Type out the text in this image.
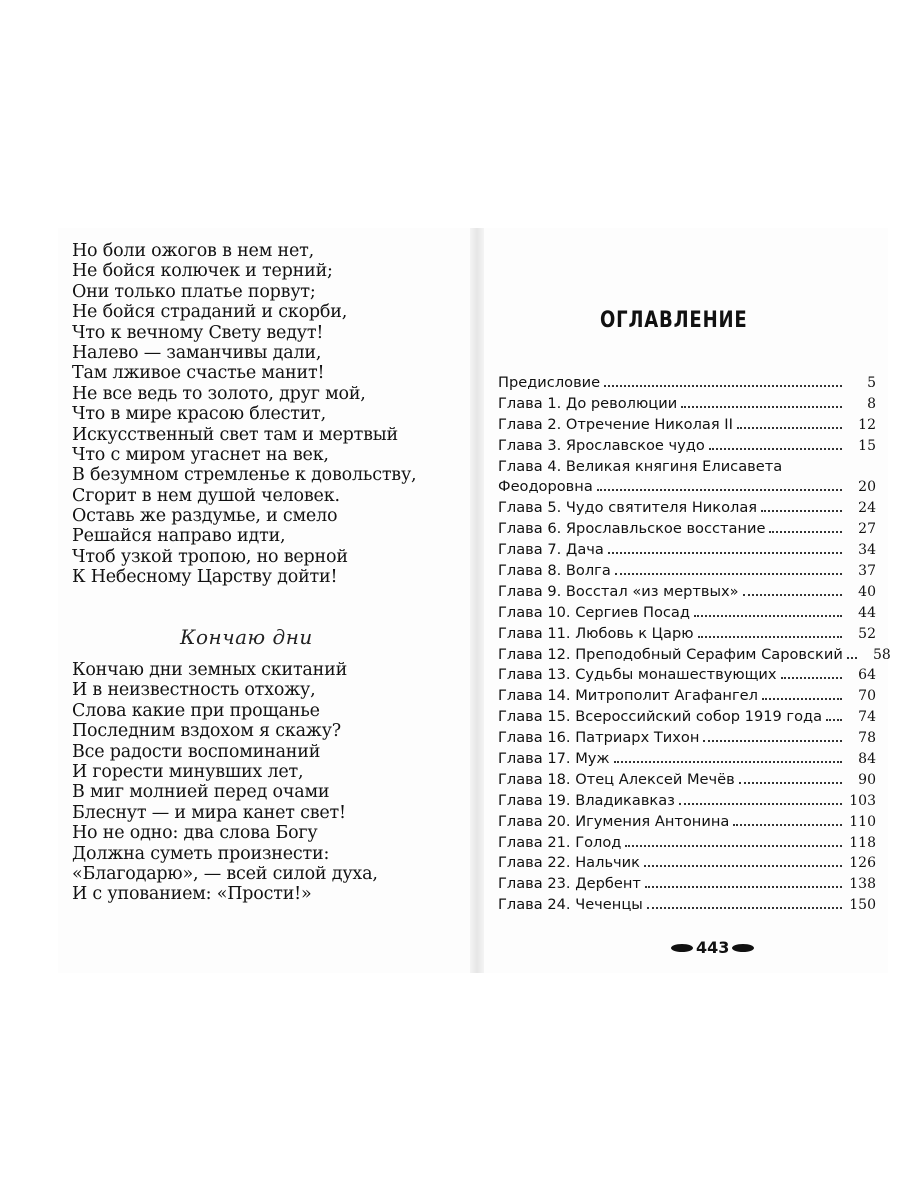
Но боли ожогов в нем нет,
Не бойся колючек и терний;
Они только платье порвут;
Не бойся страданий и скорби,
Что к вечному Свету ведут!
Налево — заманчивы дали,
Там лживое счастье манит!
Не все ведь то золото, друг мой,
Что в мире красою блестит,
Искусственный свет там и мертвый
Что с миром угаснет на век,
В безумном стремленье к довольству,
Сгорит в нем душой человек.
Оставь же раздумье, и смело
Решайся направо идти,
Чтоб узкой тропою, но верной
К Небесному Царству дойти!
Кончаю дни
Кончаю дни земных скитаний
И в неизвестность отхожу,
Слова какие при прощанье
Последним вздохом я скажу?
Все радости воспоминаний
И горести минувших лет,
В миг молнией перед очами
Блеснут — и мира канет свет!
Но не одно: два слова Богу
Должна суметь произнести:
«Благодарю», — всей силой духа,
И с упованием: «Прости!»
ОГЛАВЛЕНИЕ
Предисловие	5
Глава 1. До революции	8
Глава 2. Отречение Николая II	12
Глава 3. Ярославское чудо	15
Глава 4. Великая княгиня Елисавета
Феодоровна	20
Глава 5. Чудо святителя Николая	24
Глава 6. Ярославльское восстание	27
Глава 7. Дача	34
Глава 8. Волга	37
Глава 9. Восстал «из мертвых»	40
Глава 10. Сергиев Посад	44
Глава 11. Любовь к Царю	52
Глава 12. Преподобный Серафим Саровский	58
Глава 13. Судьбы монашествующих	64
Глава 14. Митрополит Агафангел	70
Глава 15. Всероссийский собор 1919 года	74
Глава 16. Патриарх Тихон	78
Глава 17. Муж	84
Глава 18. Отец Алексей Мечёв	90
Глава 19. Владикавказ	103
Глава 20. Игумения Антонина	110
Глава 21. Голод	118
Глава 22. Нальчик	126
Глава 23. Дербент	138
Глава 24. Чеченцы	150
443
